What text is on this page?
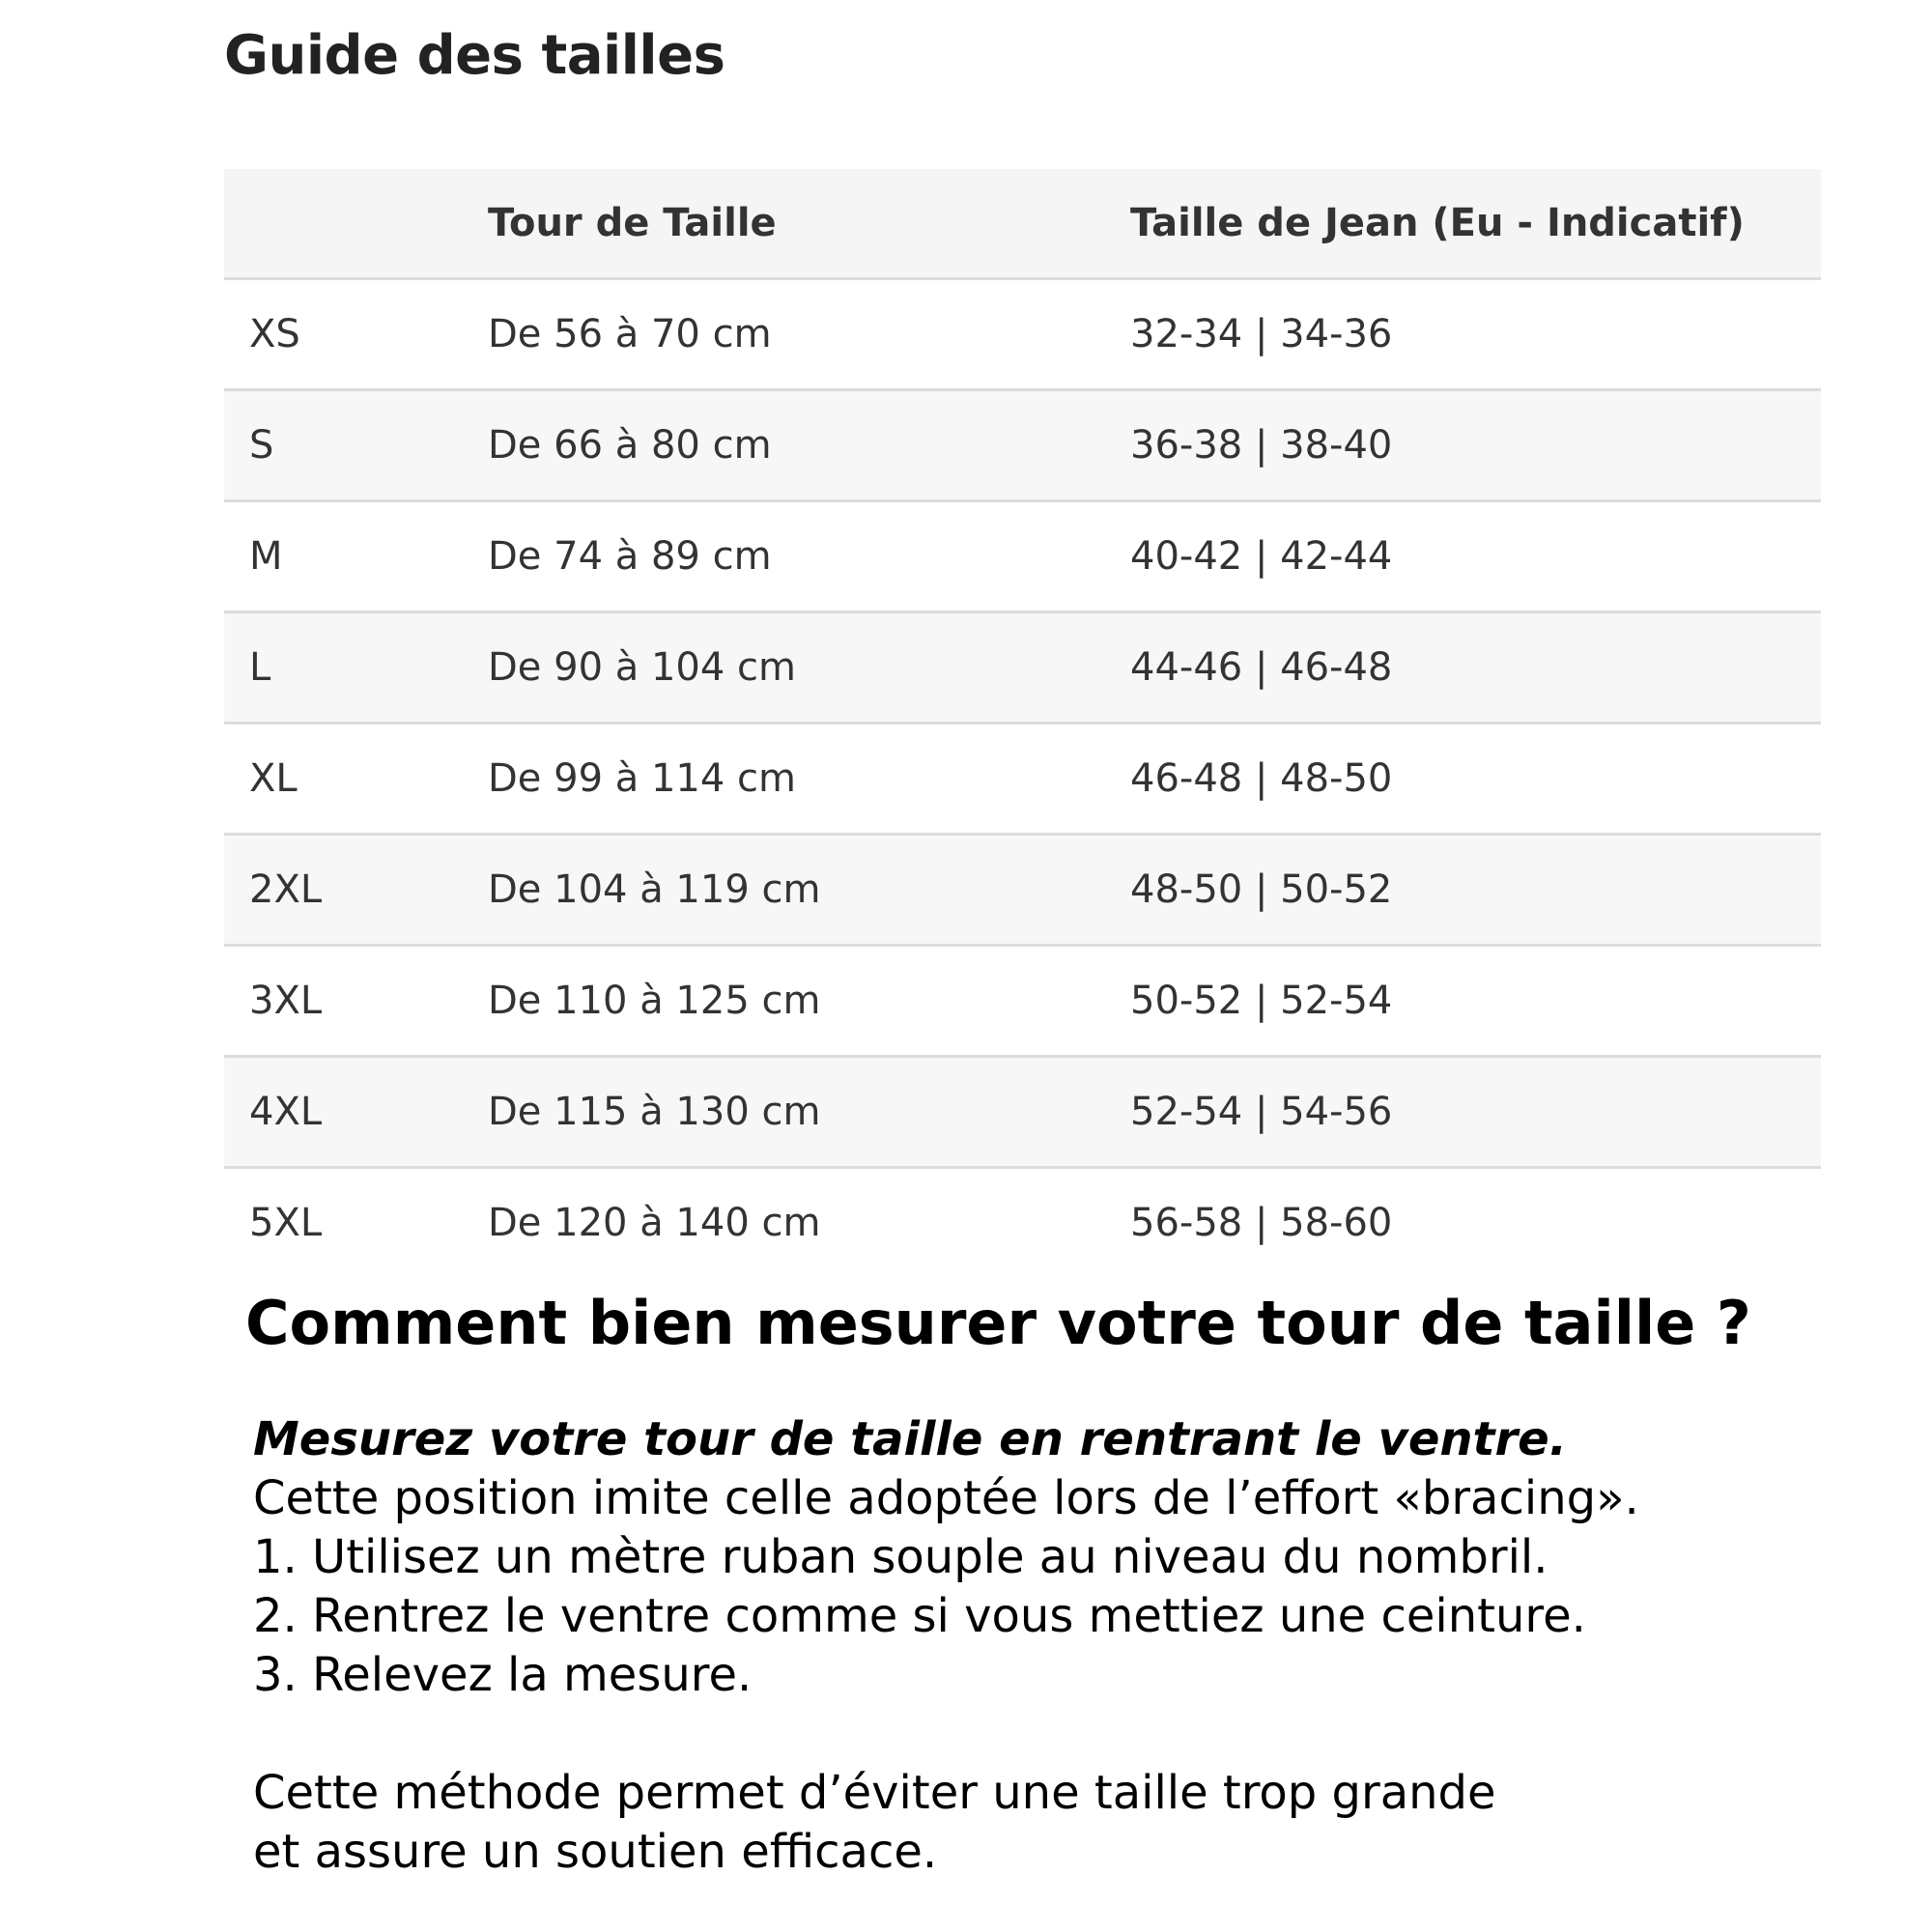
Guide des tailles
	Tour de Taille	Taille de Jean (Eu - Indicatif)
XS	De 56 à 70 cm	32-34 | 34-36
S	De 66 à 80 cm	36-38 | 38-40
M	De 74 à 89 cm	40-42 | 42-44
L	De 90 à 104 cm	44-46 | 46-48
XL	De 99 à 114 cm	46-48 | 48-50
2XL	De 104 à 119 cm	48-50 | 50-52
3XL	De 110 à 125 cm	50-52 | 52-54
4XL	De 115 à 130 cm	52-54 | 54-56
5XL	De 120 à 140 cm	56-58 | 58-60
Comment bien mesurer votre tour de taille ?

Mesurez votre tour de taille en rentrant le ventre.

Cette position imite celle adoptée lors de l’effort «bracing».

1. Utilisez un mètre ruban souple au niveau du nombril.

2. Rentrez le ventre comme si vous mettiez une ceinture.

3. Relevez la mesure.

Cette méthode permet d’éviter une taille trop grande

et assure un soutien efficace.
